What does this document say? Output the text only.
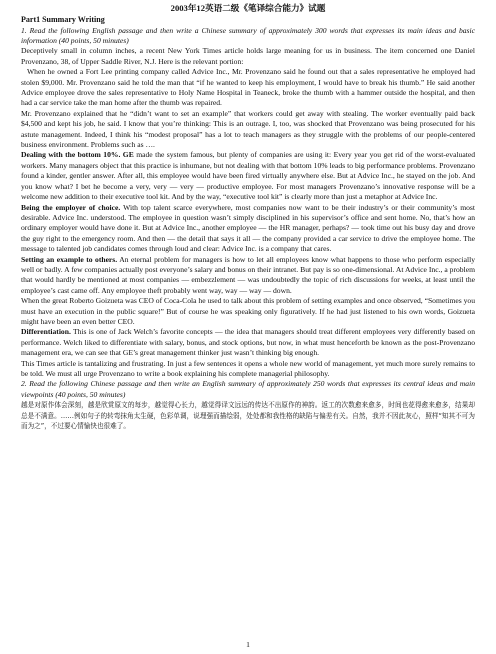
2003年12英语二级《笔译综合能力》试题
Part1 Summary Writing

1. Read the following English passage and then write a Chinese summary of approximately 300 words that expresses its main ideas and basic information (40 points, 50 minutes)

Deceptively small in column inches, a recent New York Times article holds large meaning for us in business. The item concerned one Daniel Provenzano, 38, of Upper Saddle River, N.J. Here is the relevant portion:

When he owned a Fort Lee printing company called Advice Inc., Mr. Provenzano said he found out that a sales representative he employed had stolen $9,000. Mr. Provenzano said he told the man that “if he wanted to keep his employment, I would have to break his thumb.” He said another Advice employee drove the sales representative to Holy Name Hospital in Teaneck, broke the thumb with a hammer outside the hospital, and then had a car service take the man home after the thumb was repaired.

Mr. Provenzano explained that he “didn’t want to set an example” that workers could get away with stealing. The worker eventually paid back $4,500 and kept his job, he said. I know that you’re thinking: This is an outrage. I, too, was shocked that Provenzano was being prosecuted for his astute management. Indeed, I think his “modest proposal” has a lot to teach managers as they struggle with the problems of our people-centered business environment. Problems such as ….

Dealing with the bottom 10%. GE made the system famous, but plenty of companies are using it: Every year you get rid of the worst-evaluated workers. Many managers object that this practice is inhumane, but not dealing with that bottom 10% leads to big performance problems. Provenzano found a kinder, gentler answer. After all, this employee would have been fired virtually anywhere else. But at Advice Inc., he stayed on the job. And you know what? I bet he become a very, very — very — productive employee. For most managers Provenzano’s innovative response will be a welcome new addition to their executive tool kit. And by the way, “executive tool kit” is clearly more than just a metaphor at Advice Inc.

Being the employer of choice. With top talent scarce everywhere, most companies now want to be their industry’s or their community’s most desirable. Advice Inc. understood. The employee in question wasn’t simply disciplined in his supervisor’s office and sent home. No, that’s how an ordinary employer would have done it. But at Advice Inc., another employee — the HR manager, perhaps? — took time out his busy day and drove the guy right to the emergency room. And then — the detail that says it all — the company provided a car service to drive the employee home. The message to talented job candidates comes through loud and clear: Advice Inc. is a company that cares.

Setting an example to others. An eternal problem for managers is how to let all employees know what happens to those who perform especially well or badly. A few companies actually post everyone’s salary and bonus on their intranet. But pay is so one-dimensional. At Advice Inc., a problem that would hardly be mentioned at most companies — embezzlement — was undoubtedly the topic of rich discussions for weeks, at least until the employee’s cast came off. Any employee theft probably went way, way — way — down.

When the great Roberto Goizueta was CEO of Coca-Cola he used to talk about this problem of setting examples and once observed, “Sometimes you must have an execution in the public square!” But of course he was speaking only figuratively. If he had just listened to his own words, Goizueta might have been an even better CEO.

Differentiation. This is one of Jack Welch’s favorite concepts — the idea that managers should treat different employees very differently based on performance. Welch liked to differentiate with salary, bonus, and stock options, but now, in what must henceforth be known as the post-Provenzano management era, we can see that GE’s great management thinker just wasn’t thinking big enough.

This Times article is tantalizing and frustrating. In just a few sentences it opens a whole new world of management, yet much more surely remains to be told. We must all urge Provenzano to write a book explaining his complete managerial philosophy.

2. Read the following Chinese passage and then write an English summary of approximately 250 words that expresses its central ideas and main viewpoints (40 points, 50 minutes)

越是对原作体会深刻，越是欣赏原文的每步，越觉得心长力，越觉得译文远远的传达不出原作的神韵。返工的次数愈来愈多，时间也花得愈来愈多，结果却总是不满意。……例如句子的转弯抹角太生硬，色彩单调，说理强而描绘弱，处处都和我性格的缺陷与偏差有关。自然，我并不因此灰心，照样“知其不可为而为之”，不过要心情愉快也很难了。

1
